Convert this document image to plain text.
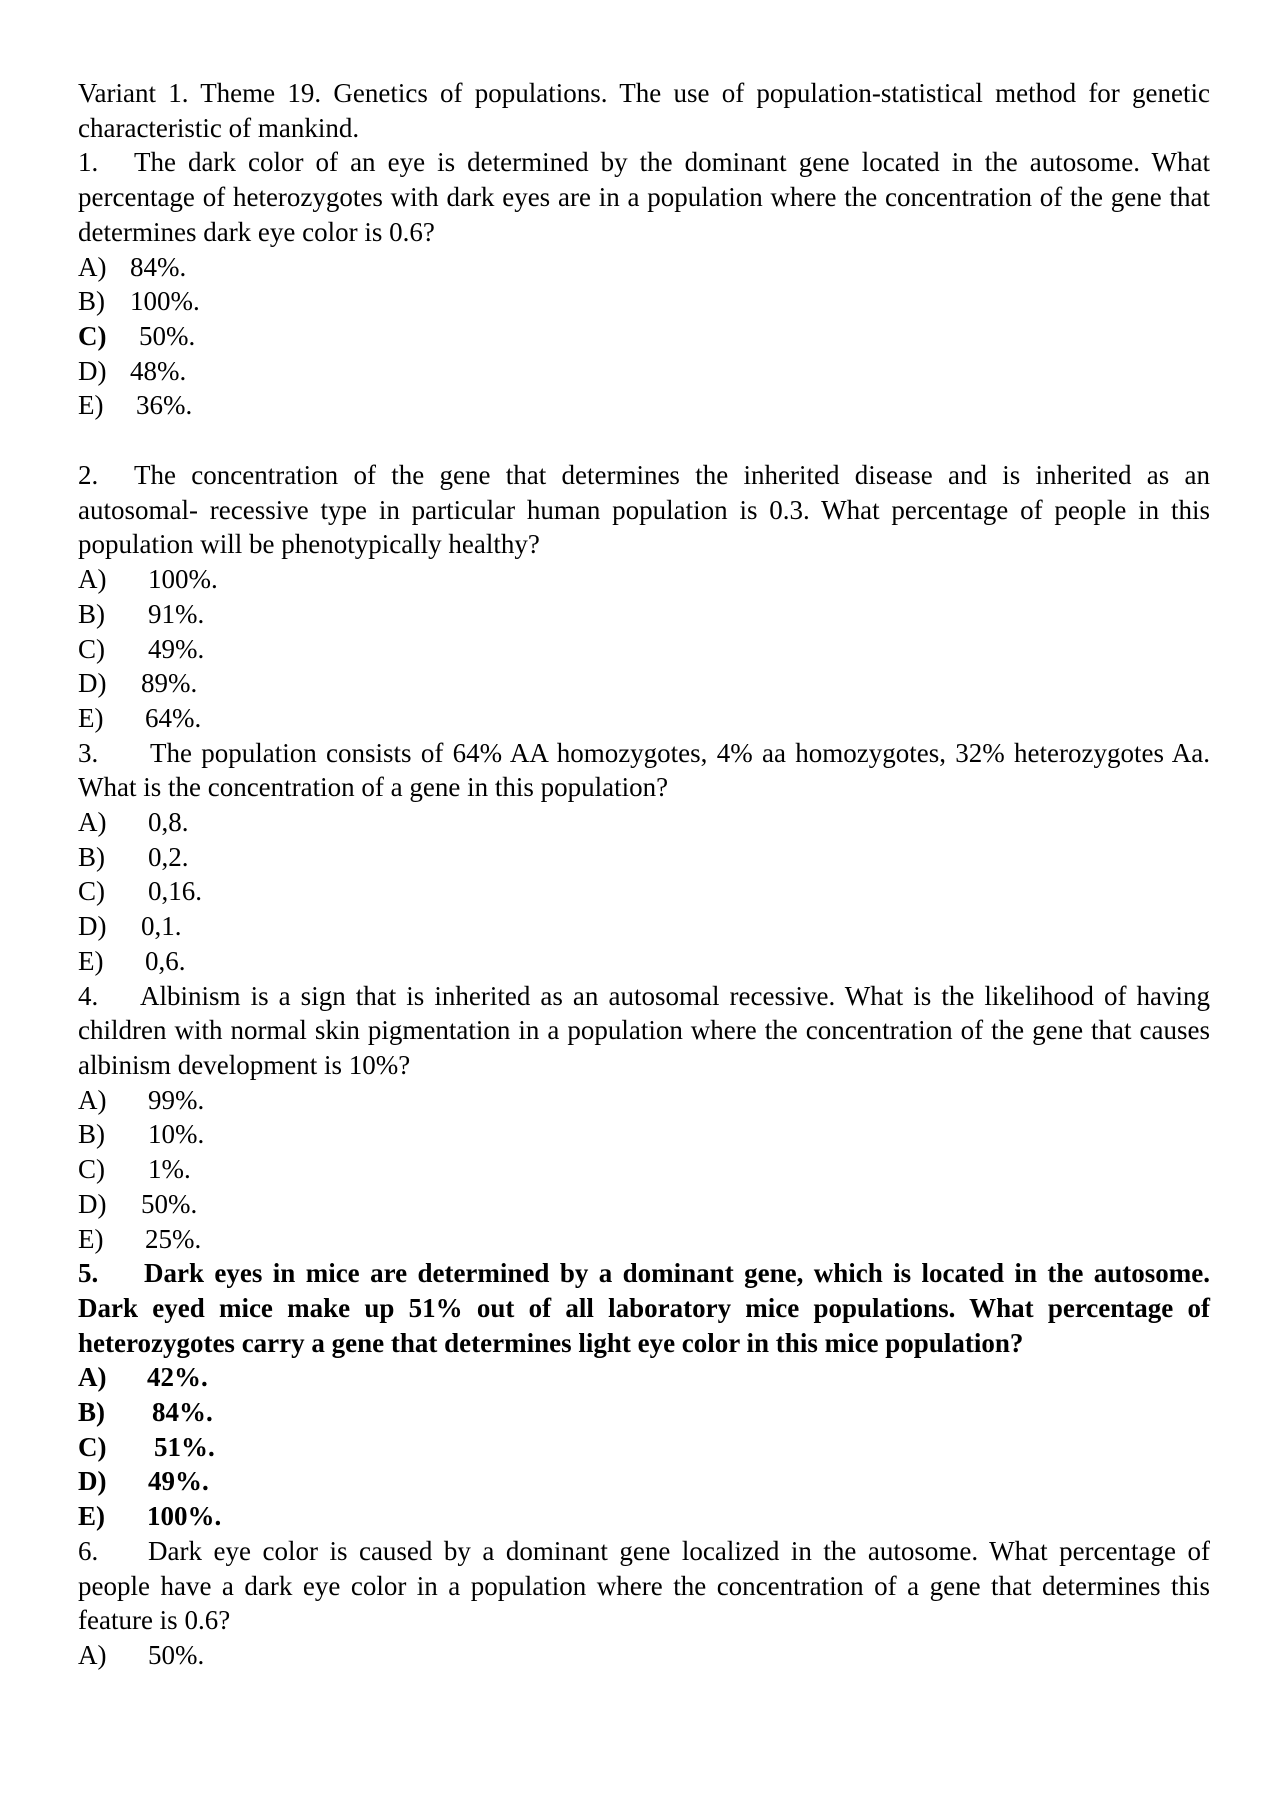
Variant 1. Theme 19. Genetics of populations. The use of population-statistical method for genetic characteristic of mankind.

1. The dark color of an eye is determined by the dominant gene located in the autosome. What percentage of heterozygotes with dark eyes are in a population where the concentration of the gene that determines dark eye color is 0.6?

A) 84%.
B) 100%.
C) 50%.
D) 48%.
E) 36%.

2. The concentration of the gene that determines the inherited disease and is inherited as an autosomal- recessive type in particular human population is 0.3. What percentage of people in this population will be phenotypically healthy?

A) 100%.
B) 91%.
C) 49%.
D) 89%.
E) 64%.

3. The population consists of 64% AA homozygotes, 4% aa homozygotes, 32% heterozygotes Aa. What is the concentration of a gene in this population?

A) 0,8.
B) 0,2.
C) 0,16.
D) 0,1.
E) 0,6.

4. Albinism is a sign that is inherited as an autosomal recessive. What is the likelihood of having children with normal skin pigmentation in a population where the concentration of the gene that causes albinism development is 10%?

A) 99%.
B) 10%.
C) 1%.
D) 50%.
E) 25%.

5. Dark eyes in mice are determined by a dominant gene, which is located in the autosome. Dark eyed mice make up 51% out of all laboratory mice populations. What percentage of heterozygotes carry a gene that determines light eye color in this mice population?

A) 42%.
B) 84%.
C) 51%.
D) 49%.
E) 100%.

6. Dark eye color is caused by a dominant gene localized in the autosome. What percentage of people have a dark eye color in a population where the concentration of a gene that determines this feature is 0.6?

A) 50%.
